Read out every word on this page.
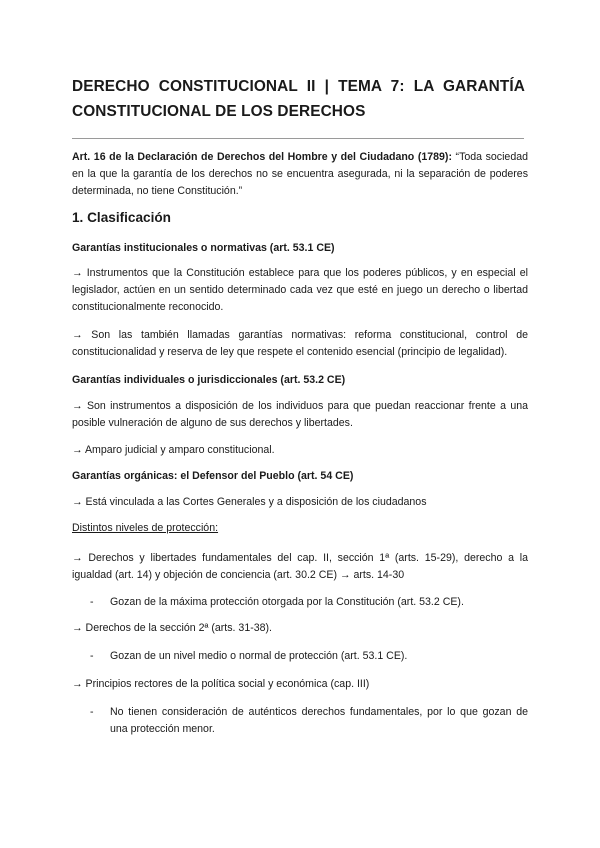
DERECHO CONSTITUCIONAL II | TEMA 7: LA GARANTÍA CONSTITUCIONAL DE LOS DERECHOS

Art. 16 de la Declaración de Derechos del Hombre y del Ciudadano (1789): “Toda sociedad en la que la garantía de los derechos no se encuentra asegurada, ni la separación de poderes determinada, no tiene Constitución.”

1. Clasificación
Garantías institucionales o normativas (art. 53.1 CE)

→ Instrumentos que la Constitución establece para que los poderes públicos, y en especial el legislador, actúen en un sentido determinado cada vez que esté en juego un derecho o libertad constitucionalmente reconocido.

→ Son las también llamadas garantías normativas: reforma constitucional, control de constitucionalidad y reserva de ley que respete el contenido esencial (principio de legalidad).

Garantías individuales o jurisdiccionales (art. 53.2 CE)

→ Son instrumentos a disposición de los individuos para que puedan reaccionar frente a una posible vulneración de alguno de sus derechos y libertades.

→ Amparo judicial y amparo constitucional.

Garantías orgánicas: el Defensor del Pueblo (art. 54 CE)

→ Está vinculada a las Cortes Generales y a disposición de los ciudadanos

Distintos niveles de protección:

→ Derechos y libertades fundamentales del cap. II, sección 1ª (arts. 15-29), derecho a la igualdad (art. 14) y objeción de conciencia (art. 30.2 CE) → arts. 14-30

- Gozan de la máxima protección otorgada por la Constitución (art. 53.2 CE).

→ Derechos de la sección 2ª (arts. 31-38).

- Gozan de un nivel medio o normal de protección (art. 53.1 CE).

→ Principios rectores de la política social y económica (cap. III)

- No tienen consideración de auténticos derechos fundamentales, por lo que gozan de una protección menor.
